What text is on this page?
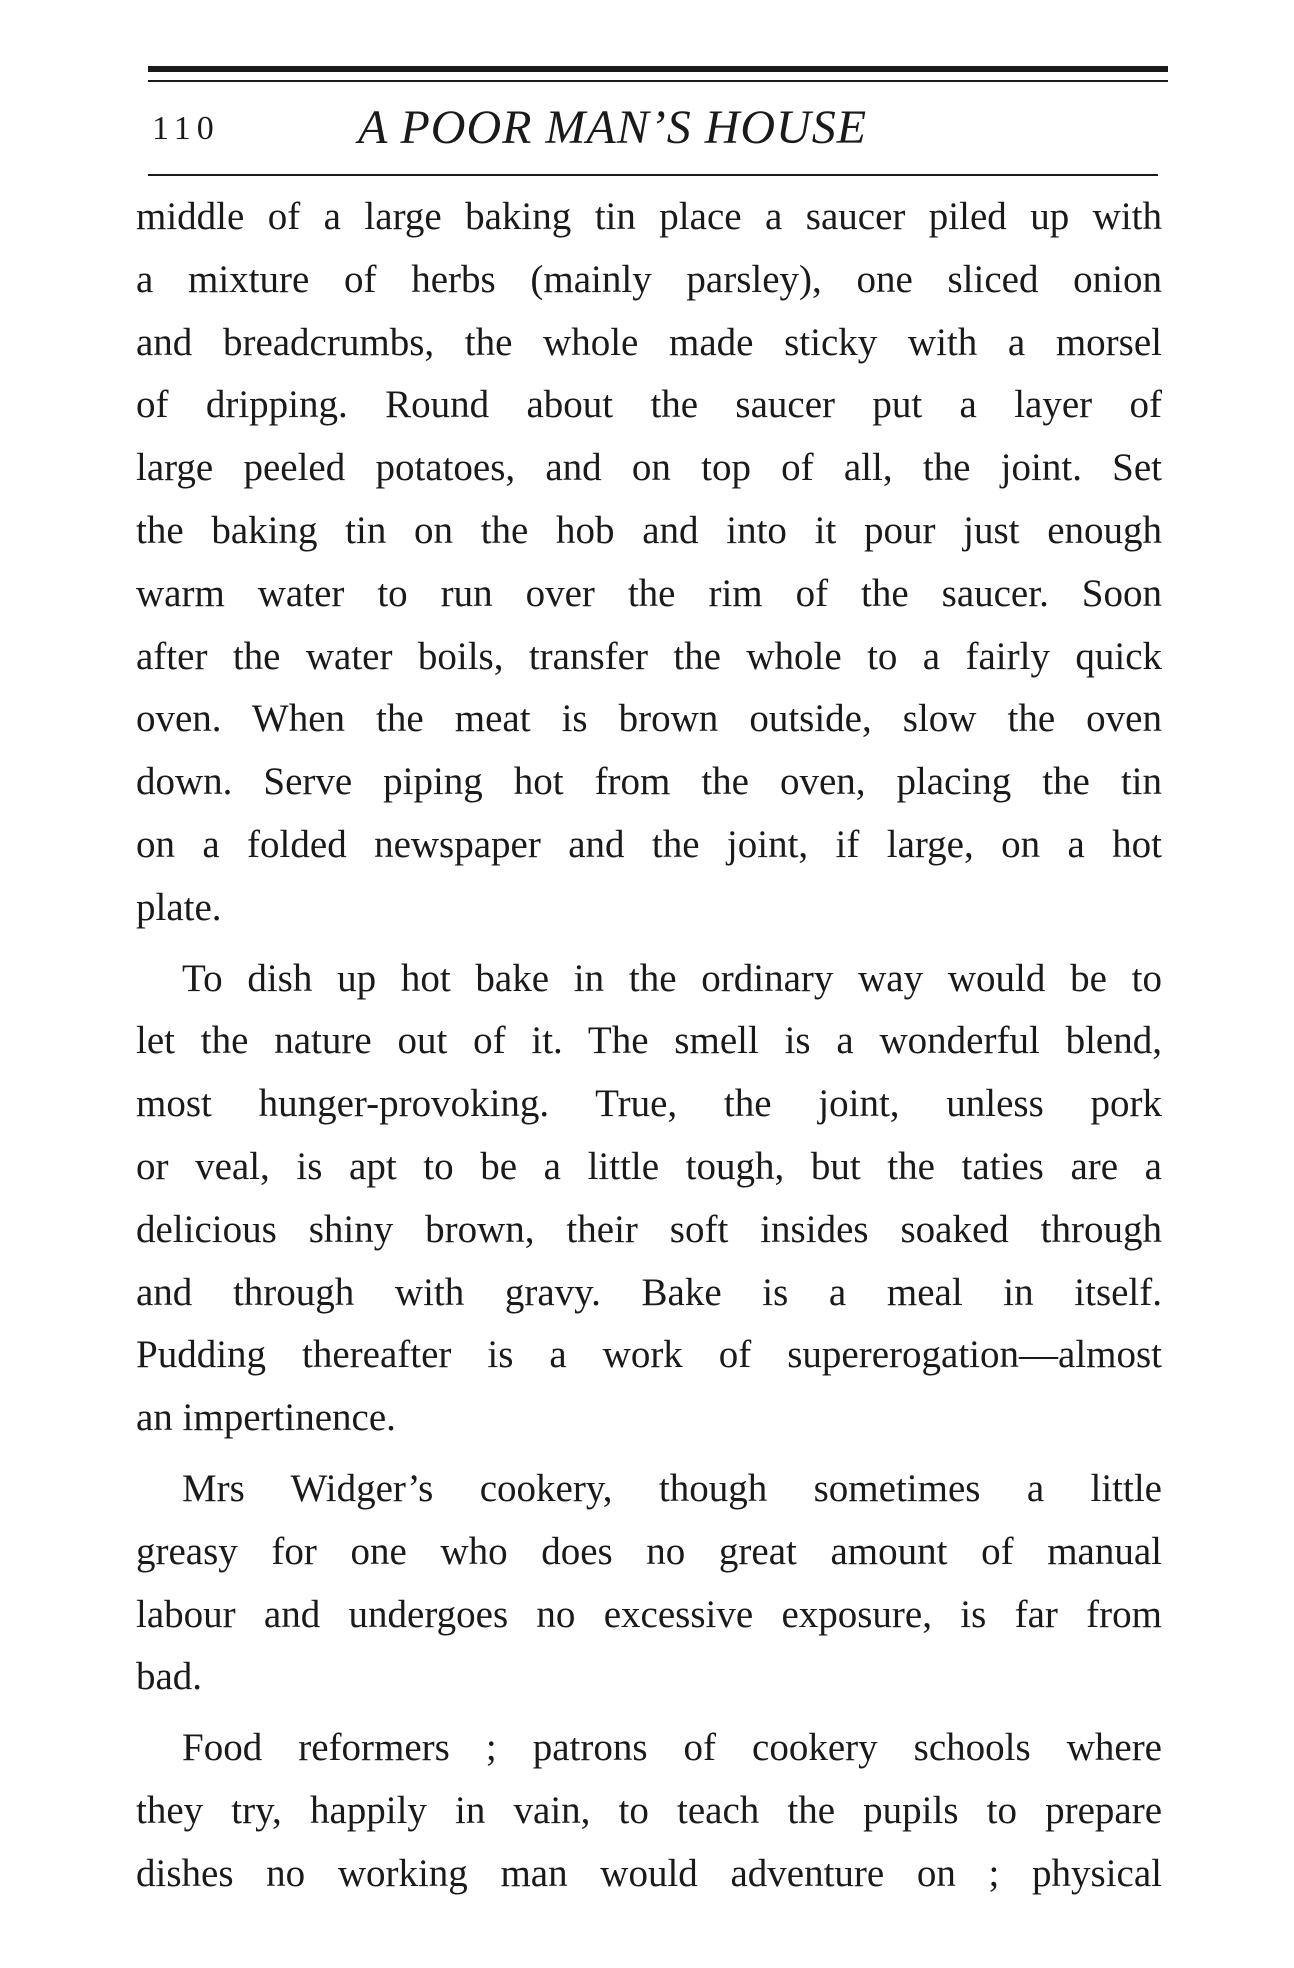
110	A POOR MAN’S HOUSE
middle of a large baking tin place a saucer piled up with
a mixture of herbs (mainly parsley), one sliced onion
and breadcrumbs, the whole made sticky with a morsel
of dripping. Round about the saucer put a layer of
large peeled potatoes, and on top of all, the joint. Set
the baking tin on the hob and into it pour just enough
warm water to run over the rim of the saucer. Soon
after the water boils, transfer the whole to a fairly quick
oven. When the meat is brown outside, slow the oven
down. Serve piping hot from the oven, placing the tin
on a folded newspaper and the joint, if large, on a hot
plate.
To dish up hot bake in the ordinary way would be to
let the nature out of it. The smell is a wonderful blend,
most hunger-provoking. True, the joint, unless pork
or veal, is apt to be a little tough, but the taties are a
delicious shiny brown, their soft insides soaked through
and through with gravy. Bake is a meal in itself.
Pudding thereafter is a work of supererogation—almost
an impertinence.
Mrs Widger’s cookery, though sometimes a little
greasy for one who does no great amount of manual
labour and undergoes no excessive exposure, is far from
bad.
Food reformers ; patrons of cookery schools where
they try, happily in vain, to teach the pupils to prepare
dishes no working man would adventure on ; physical
